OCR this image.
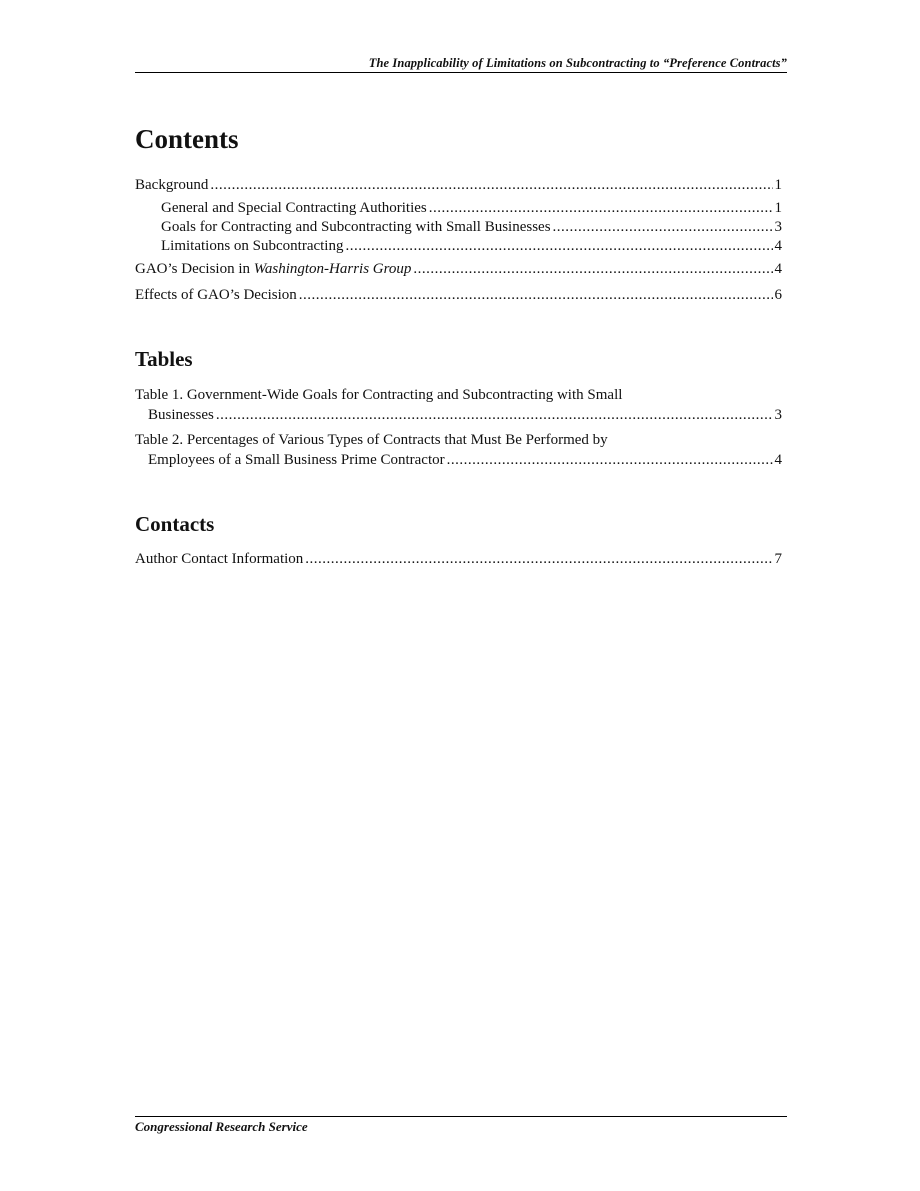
The Inapplicability of Limitations on Subcontracting to “Preference Contracts”
Contents
Background .....	1
General and Special Contracting Authorities .....	1
Goals for Contracting and Subcontracting with Small Businesses .....	3
Limitations on Subcontracting .....	4
GAO’s Decision in Washington-Harris Group .....	4
Effects of GAO’s Decision .....	6
Tables
Table 1. Government-Wide Goals for Contracting and Subcontracting with Small
Businesses .....	3
Table 2. Percentages of Various Types of Contracts that Must Be Performed by
Employees of a Small Business Prime Contractor .....	4
Contacts
Author Contact Information .....	7
Congressional Research Service
